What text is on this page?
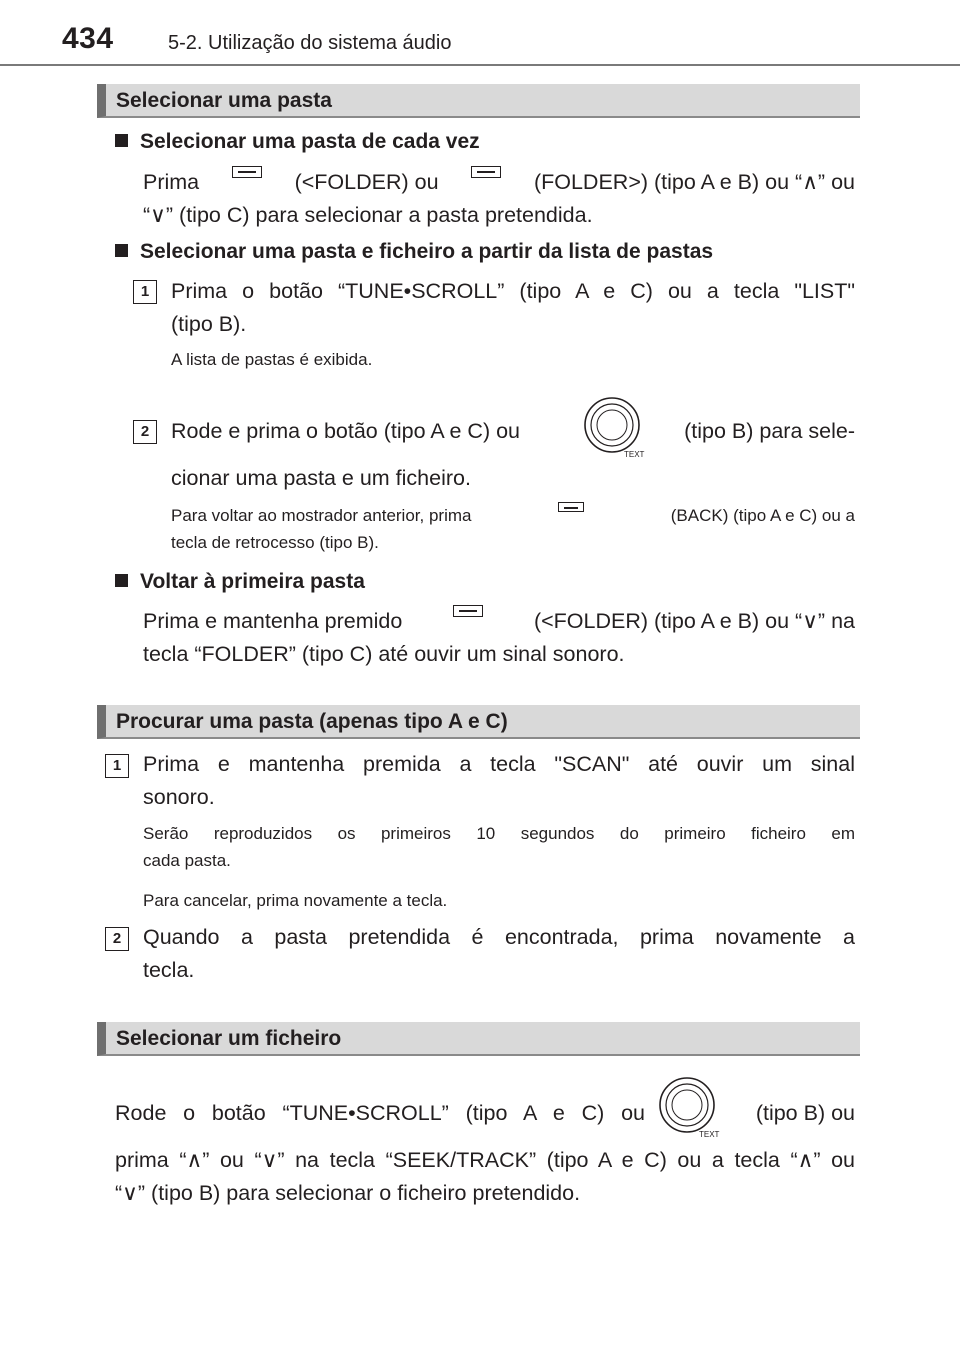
434	5-2. Utilização do sistema áudio
Selecionar uma pasta
Selecionar uma pasta de cada vez
Prima	(<FOLDER) ou	(FOLDER>) (tipo A e B) ou “∧” ou
“∨” (tipo C) para selecionar a pasta pretendida.
Selecionar uma pasta e ficheiro a partir da lista de pastas
1	Prima o botão “TUNE•SCROLL” (tipo A e C) ou a tecla "LIST"
(tipo B).
A lista de pastas é exibida.
2	Rode e prima o botão (tipo A e C) ou
TEXT
(tipo B) para sele-
cionar uma pasta e um ficheiro.
Para voltar ao mostrador anterior, prima	(BACK) (tipo A e C) ou a
tecla de retrocesso (tipo B).
Voltar à primeira pasta
Prima e mantenha premido	(<FOLDER) (tipo A e B) ou “∨” na
tecla “FOLDER” (tipo C) até ouvir um sinal sonoro.
Procurar uma pasta (apenas tipo A e C)
1	Prima e mantenha premida a tecla "SCAN" até ouvir um sinal
sonoro.
Serão reproduzidos os primeiros 10 segundos do primeiro ficheiro em
cada pasta.
Para cancelar, prima novamente a tecla.
2	Quando a pasta pretendida é encontrada, prima novamente a
tecla.
Selecionar um ficheiro
Rode o botão “TUNE•SCROLL” (tipo A e C) ou
TEXT
(tipo B) ou
prima “∧” ou “∨” na tecla “SEEK/TRACK” (tipo A e C) ou a tecla “∧” ou
“∨” (tipo B) para selecionar o ficheiro pretendido.
